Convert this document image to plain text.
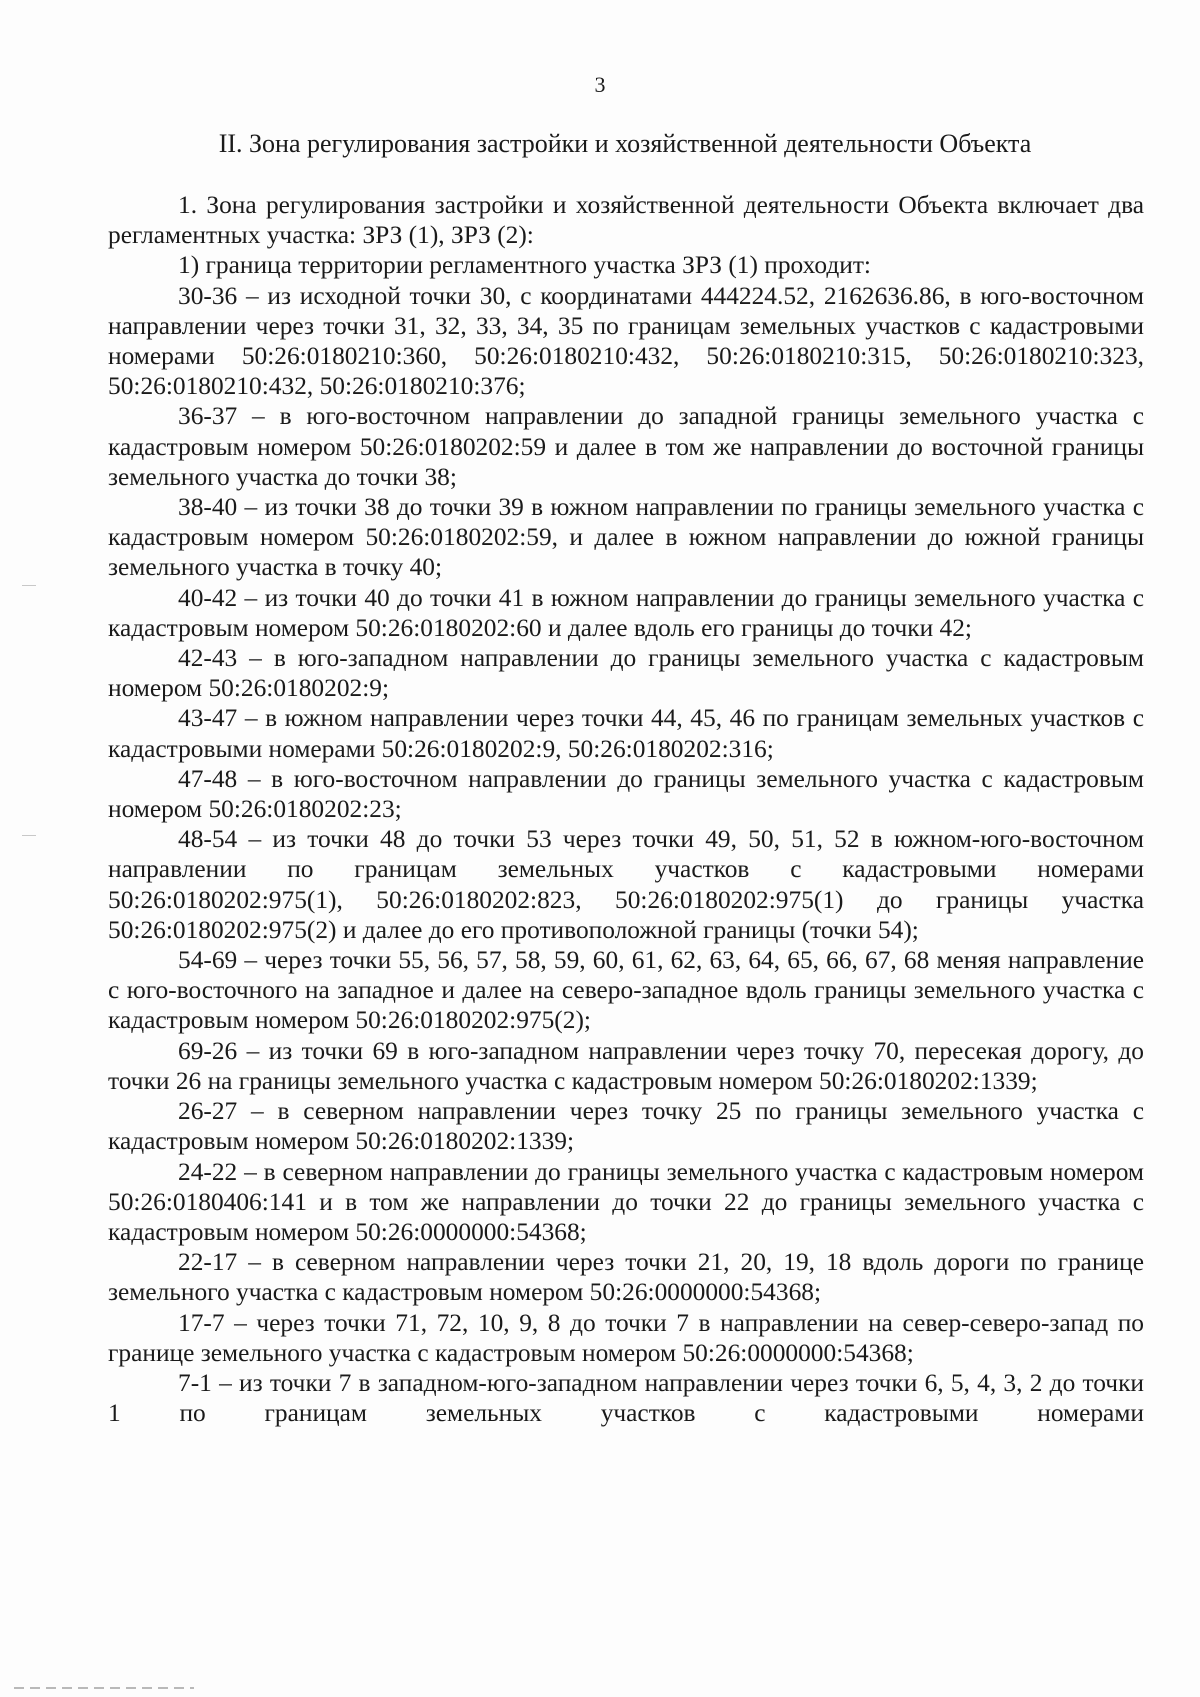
3
II. Зона регулирования застройки и хозяйственной деятельности Объекта

1. Зона регулирования застройки и хозяйственной деятельности Объекта включает два регламентных участка: ЗРЗ (1), ЗРЗ (2):

1) граница территории регламентного участка ЗРЗ (1) проходит:

30-36 – из исходной точки 30, с координатами 444224.52, 2162636.86, в юго-восточном направлении через точки 31, 32, 33, 34, 35 по границам земельных участков с кадастровыми номерами 50:26:0180210:360, 50:26:0180210:432, 50:26:0180210:315, 50:26:0180210:323, 50:26:0180210:432, 50:26:0180210:376;

36-37 – в юго-восточном направлении до западной границы земельного участка с кадастровым номером 50:26:0180202:59 и далее в том же направлении до восточной границы земельного участка до точки 38;

38-40 – из точки 38 до точки 39 в южном направлении по границы земельного участка с кадастровым номером 50:26:0180202:59, и далее в южном направлении до южной границы земельного участка в точку 40;

40-42 – из точки 40 до точки 41 в южном направлении до границы земельного участка с кадастровым номером 50:26:0180202:60 и далее вдоль его границы до точки 42;

42-43 – в юго-западном направлении до границы земельного участка с кадастровым номером 50:26:0180202:9;

43-47 – в южном направлении через точки 44, 45, 46 по границам земельных участков с кадастровыми номерами 50:26:0180202:9, 50:26:0180202:316;

47-48 – в юго-восточном направлении до границы земельного участка с кадастровым номером 50:26:0180202:23;

48-54 – из точки 48 до точки 53 через точки 49, 50, 51, 52 в южном-юго-восточном направлении по границам земельных участков с кадастровыми номерами 50:26:0180202:975(1), 50:26:0180202:823, 50:26:0180202:975(1) до границы участка 50:26:0180202:975(2) и далее до его противоположной границы (точки 54);

54-69 – через точки 55, 56, 57, 58, 59, 60, 61, 62, 63, 64, 65, 66, 67, 68 меняя направление с юго-восточного на западное и далее на северо-западное вдоль границы земельного участка с кадастровым номером 50:26:0180202:975(2);

69-26 – из точки 69 в юго-западном направлении через точку 70, пересекая дорогу, до точки 26 на границы земельного участка с кадастровым номером 50:26:0180202:1339;

26-27 – в северном направлении через точку 25 по границы земельного участка с кадастровым номером 50:26:0180202:1339;

24-22 – в северном направлении до границы земельного участка с кадастровым номером 50:26:0180406:141 и в том же направлении до точки 22 до границы земельного участка с кадастровым номером 50:26:0000000:54368;

22-17 – в северном направлении через точки 21, 20, 19, 18 вдоль дороги по границе земельного участка с кадастровым номером 50:26:0000000:54368;

17-7 – через точки 71, 72, 10, 9, 8 до точки 7 в направлении на север-северо-запад по границе земельного участка с кадастровым номером 50:26:0000000:54368;

7-1 – из точки 7 в западном-юго-западном направлении через точки 6, 5, 4, 3, 2 до точки 1 по границам земельных участков с кадастровыми номерами
